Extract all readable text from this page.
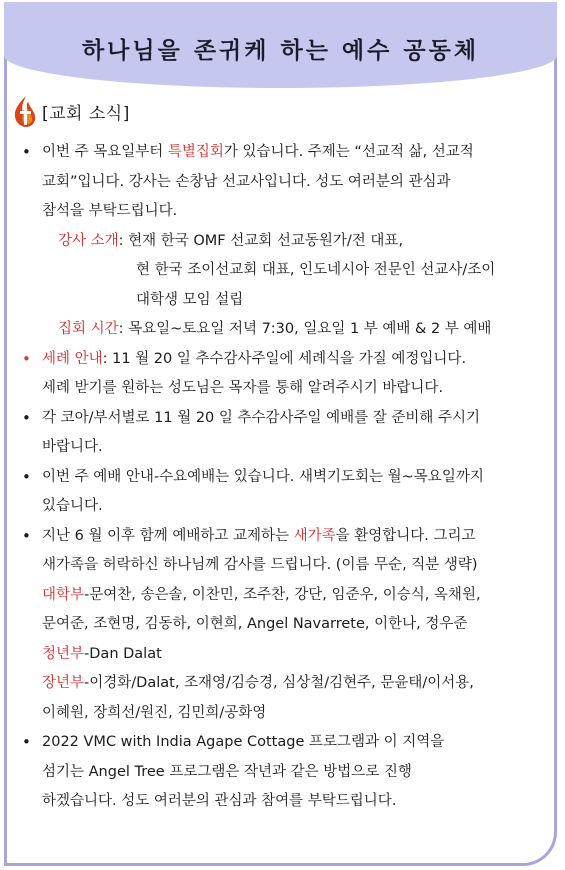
하나님을 존귀케 하는 예수 공동체
[교회 소식]
• 이번 주 목요일부터 특별집회가 있습니다. 주제는 “선교적 삶, 선교적
교회”입니다. 강사는 손창남 선교사입니다. 성도 여러분의 관심과
참석을 부탁드립니다.
강사 소개: 현재 한국 OMF 선교회 선교동원가/전 대표,
현 한국 조이선교회 대표, 인도네시아 전문인 선교사/조이
대학생 모임 설립
집회 시간: 목요일~토요일 저녁 7:30, 일요일 1 부 예배 & 2 부 예배
• 세례 안내: 11 월 20 일 추수감사주일에 세례식을 가질 예정입니다.
세례 받기를 원하는 성도님은 목자를 통해 알려주시기 바랍니다.
• 각 코아/부서별로 11 월 20 일 추수감사주일 예배를 잘 준비해 주시기
바랍니다.
• 이번 주 예배 안내-수요예배는 있습니다. 새벽기도회는 월~목요일까지
있습니다.
• 지난 6 월 이후 함께 예배하고 교제하는 새가족을 환영합니다. 그리고
새가족을 허락하신 하나님께 감사를 드립니다. (이름 무순, 직분 생략)
대학부-문여찬, 송은솔, 이찬민, 조주찬, 강단, 임준우, 이승식, 옥채원,
문여준, 조현명, 김동하, 이현희, Angel Navarrete, 이한나, 정우준
청년부-Dan Dalat
장년부-이경화/Dalat, 조재영/김승경, 심상철/김현주, 문윤태/이서용,
이혜원, 장희선/원진, 김민희/공화영
• 2022 VMC with India Agape Cottage 프로그램과 이 지역을
섬기는 Angel Tree 프로그램은 작년과 같은 방법으로 진행
하겠습니다. 성도 여러분의 관심과 참여를 부탁드립니다.
